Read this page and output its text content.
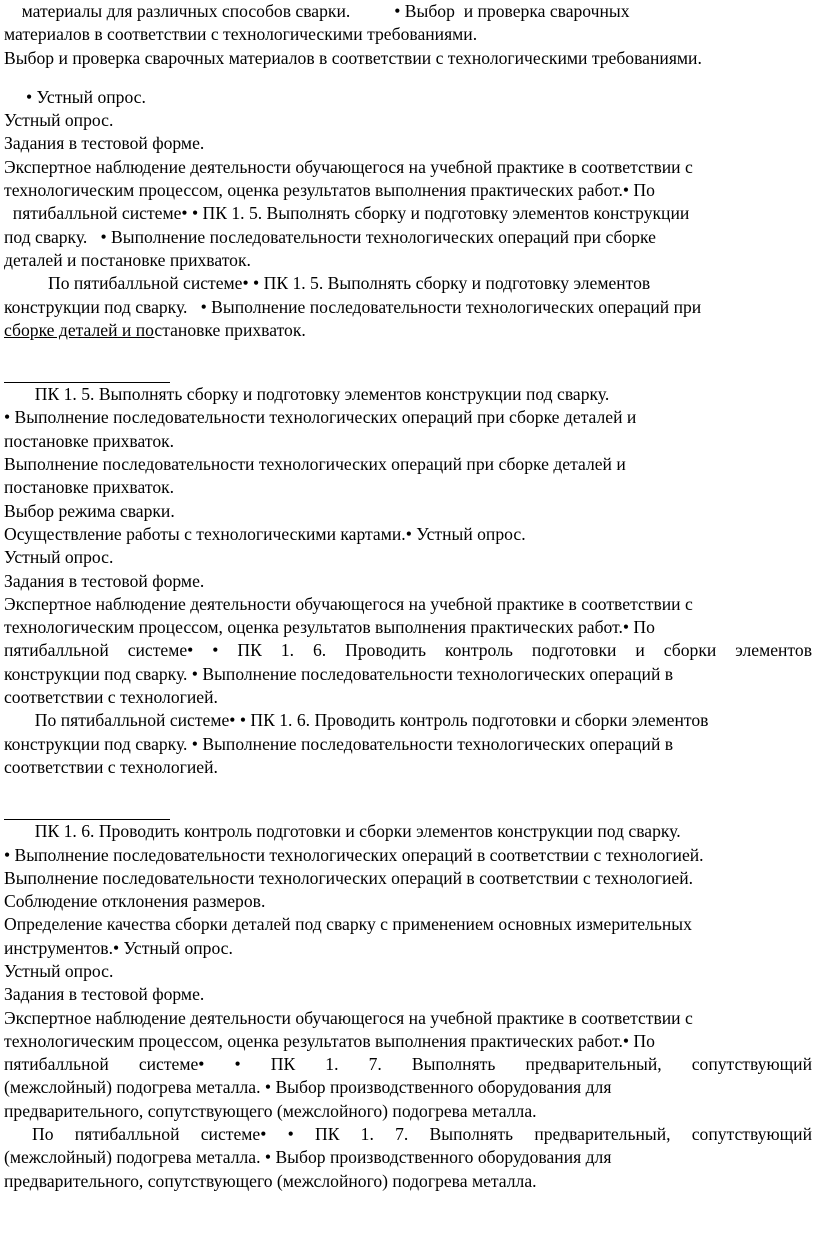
материалы для различных способов сварки.          • Выбор  и проверка сварочных
материалов в соответствии с технологическими требованиями.
Выбор и проверка сварочных материалов в соответствии с технологическими требованиями.
• Устный опрос.
Устный опрос.
Задания в тестовой форме.
Экспертное наблюдение деятельности обучающегося на учебной практике в соответствии с
технологическим процессом, оценка результатов выполнения практических работ.• По
пятибалльной системе• • ПК 1. 5. Выполнять сборку и подготовку элементов конструкции
под сварку.   • Выполнение последовательности технологических операций при сборке
деталей и постановке прихваток.
По пятибалльной системе• • ПК 1. 5. Выполнять сборку и подготовку элементов
конструкции под сварку.   • Выполнение последовательности технологических операций при
сборке деталей и постановке прихваток.
ПК 1. 5. Выполнять сборку и подготовку элементов конструкции под сварку.
• Выполнение последовательности технологических операций при сборке деталей и
постановке прихваток.
Выполнение последовательности технологических операций при сборке деталей и
постановке прихваток.
Выбор режима сварки.
Осуществление работы с технологическими картами.• Устный опрос.
Устный опрос.
Задания в тестовой форме.
Экспертное наблюдение деятельности обучающегося на учебной практике в соответствии с
технологическим процессом, оценка результатов выполнения практических работ.• По
пятибалльной системе• • ПК 1. 6. Проводить контроль подготовки и сборки элементов
конструкции под сварку. • Выполнение последовательности технологических операций в
соответствии с технологией.
По пятибалльной системе• • ПК 1. 6. Проводить контроль подготовки и сборки элементов
конструкции под сварку. • Выполнение последовательности технологических операций в
соответствии с технологией.
ПК 1. 6. Проводить контроль подготовки и сборки элементов конструкции под сварку.
• Выполнение последовательности технологических операций в соответствии с технологией.
Выполнение последовательности технологических операций в соответствии с технологией.
Соблюдение отклонения размеров.
Определение качества сборки деталей под сварку с применением основных измерительных
инструментов.• Устный опрос.
Устный опрос.
Задания в тестовой форме.
Экспертное наблюдение деятельности обучающегося на учебной практике в соответствии с
технологическим процессом, оценка результатов выполнения практических работ.• По
пятибалльной системе• • ПК 1. 7. Выполнять предварительный, сопутствующий
(межслойный) подогрева металла. • Выбор производственного оборудования для
предварительного, сопутствующего (межслойного) подогрева металла.
По пятибалльной системе• • ПК 1. 7. Выполнять предварительный, сопутствующий
(межслойный) подогрева металла. • Выбор производственного оборудования для
предварительного, сопутствующего (межслойного) подогрева металла.
